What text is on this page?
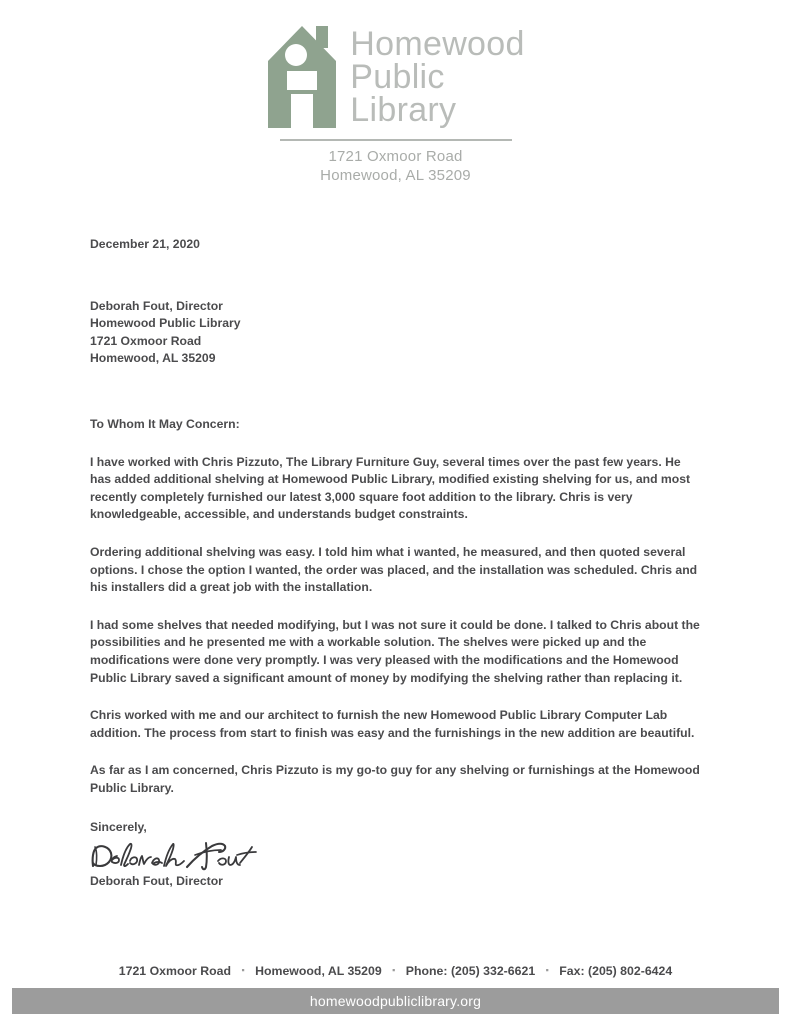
Homewood
Public
Library
1721 Oxmoor Road
Homewood, AL 35209

December 21, 2020

Deborah Fout, Director
Homewood Public Library
1721 Oxmoor Road
Homewood, AL 35209

To Whom It May Concern:

I have worked with Chris Pizzuto, The Library Furniture Guy, several times over the past few years. He has added additional shelving at Homewood Public Library, modified existing shelving for us, and most recently completely furnished our latest 3,000 square foot addition to the library. Chris is very knowledgeable, accessible, and understands budget constraints.

Ordering additional shelving was easy. I told him what i wanted, he measured, and then quoted several options. I chose the option I wanted, the order was placed, and the installation was scheduled. Chris and his installers did a great job with the installation.

I had some shelves that needed modifying, but I was not sure it could be done. I talked to Chris about the possibilities and he presented me with a workable solution. The shelves were picked up and the modifications were done very promptly. I was very pleased with the modifications and the Homewood Public Library saved a significant amount of money by modifying the shelving rather than replacing it.

Chris worked with me and our architect to furnish the new Homewood Public Library Computer Lab addition. The process from start to finish was easy and the furnishings in the new addition are beautiful.

As far as I am concerned, Chris Pizzuto is my go-to guy for any shelving or furnishings at the Homewood Public Library.

Sincerely,

Deborah Fout, Director

1721 Oxmoor Road ▪ Homewood, AL 35209 ▪ Phone: (205) 332-6621 ▪ Fax: (205) 802-6424
homewoodpubliclibrary.org
